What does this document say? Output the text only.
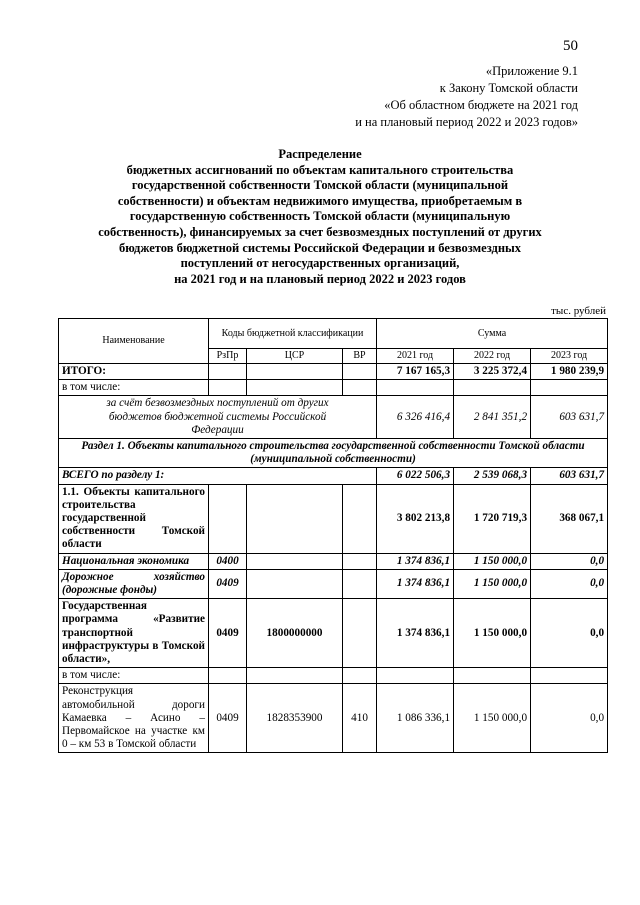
50
«Приложение 9.1
к Закону Томской области
«Об областном бюджете на 2021 год
и на плановый период 2022 и 2023 годов»
Распределение
бюджетных ассигнований по объектам капитального строительства
государственной собственности Томской области (муниципальной
собственности) и объектам недвижимого имущества, приобретаемым в
государственную собственность Томской области (муниципальную
собственность), финансируемых за счет безвозмездных поступлений от других
бюджетов бюджетной системы Российской Федерации и безвозмездных
поступлений от негосударственных организаций,
на 2021 год и на плановый период 2022 и 2023 годов
тыс. рублей
Наименование	Коды бюджетной классификации			Сумма		
	РзПр	ЦСР	ВР	2021 год	2022 год	2023 год
ИТОГО:				7 167 165,3	3 225 372,4	1 980 239,9
в том числе:						
за счёт безвозмездных поступлений от других бюджетов бюджетной системы Российской Федерации				6 326 416,4	2 841 351,2	603 631,7
Раздел 1. Объекты капитального строительства государственной собственности Томской области (муниципальной собственности)						
ВСЕГО по разделу 1:				6 022 506,3	2 539 068,3	603 631,7
1.1. Объекты капитального строительства государственной собственности Томской области				3 802 213,8	1 720 719,3	368 067,1
Национальная экономика	0400			1 374 836,1	1 150 000,0	0,0
Дорожное хозяйство (дорожные фонды)	0409			1 374 836,1	1 150 000,0	0,0
Государственная программа «Развитие транспортной инфраструктуры в Томской области»,	0409	1800000000		1 374 836,1	1 150 000,0	0,0
в том числе:						
Реконструкция автомобильной дороги Камаевка – Асино – Первомайское на участке км 0 – км 53 в Томской области	0409	1828353900	410	1 086 336,1	1 150 000,0	0,0
